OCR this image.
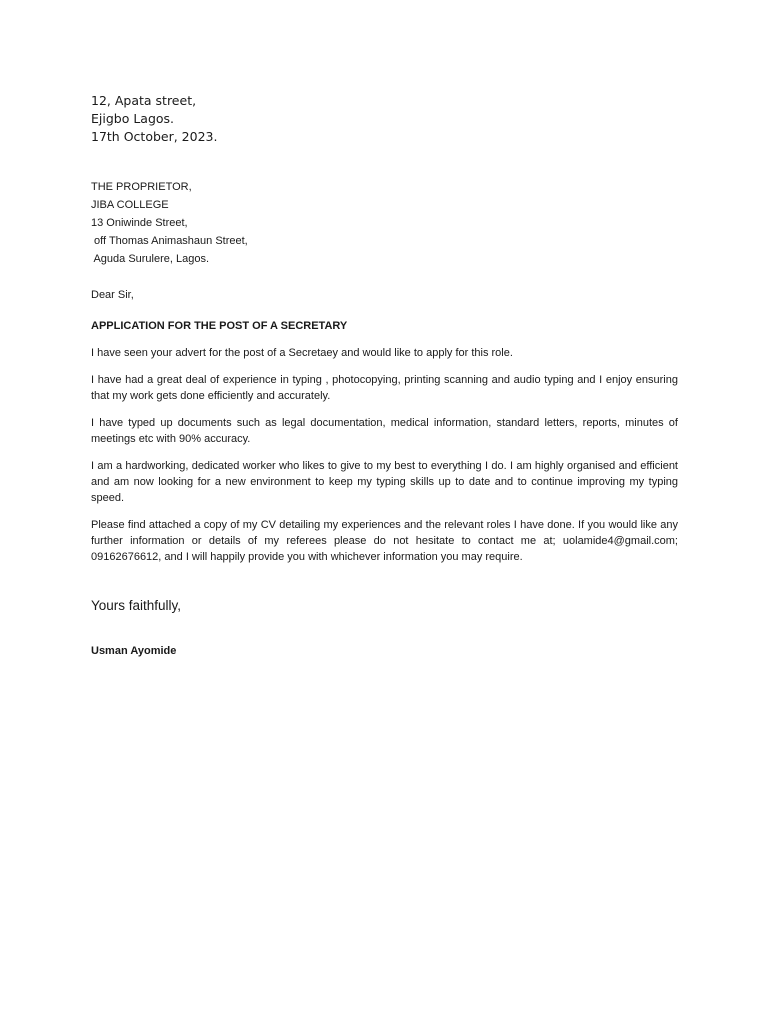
12, Apata street,
Ejigbo Lagos.
17th October, 2023.
THE PROPRIETOR,
JIBA COLLEGE
13 Oniwinde Street,
off Thomas Animashaun Street,
Aguda Surulere, Lagos.
Dear Sir,
APPLICATION FOR THE POST OF A SECRETARY

I have seen your advert for the post of a Secretaey and would like to apply for this role.

I have had a great deal of experience in typing , photocopying, printing scanning and audio typing and I enjoy ensuring that my work gets done efficiently and accurately.

I have typed up documents such as legal documentation, medical information, standard letters, reports, minutes of meetings etc with 90% accuracy.

I am a hardworking, dedicated worker who likes to give to my best to everything I do. I am highly organised and efficient and am now looking for a new environment to keep my typing skills up to date and to continue improving my typing speed.

Please find attached a copy of my CV detailing my experiences and the relevant roles I have done. If you would like any further information or details of my referees please do not hesitate to contact me at; uolamide4@gmail.com; 09162676612, and I will happily provide you with whichever information you may require.

Yours faithfully,
Usman Ayomide
